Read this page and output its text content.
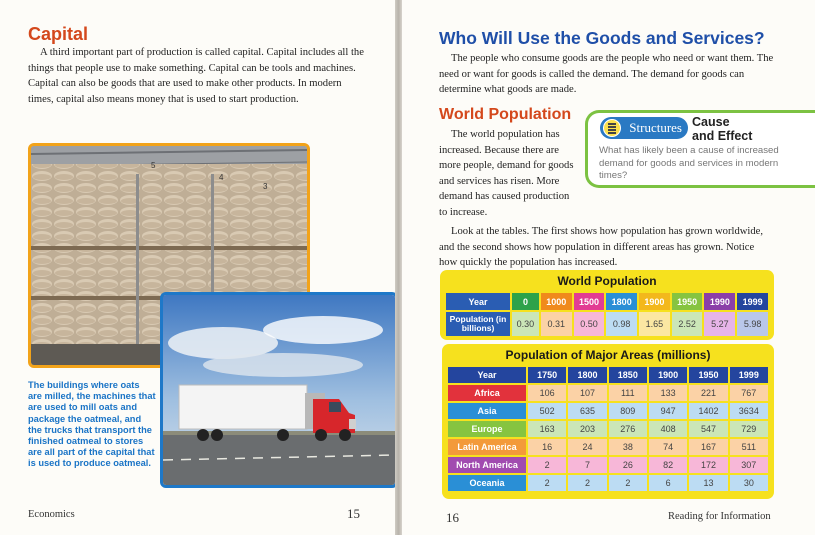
Capital

A third important part of production is called capital. Capital includes all the things that people use to make something. Capital can be tools and machines. Capital can also be goods that are used to make other products. In modern times, capital also means money that is used to start production.

5
4
3

The buildings where oats are milled, the machines that are used to mill oats and package the oatmeal, and the trucks that transport the finished oatmeal to stores are all part of the capital that is used to produce oatmeal.

Economics	15
Who Will Use the Goods and Services?

The people who consume goods are the people who need or want them. The need or want for goods is called the demand. The demand for goods can determine what goods are made.

World Population

The world population has increased. Because there are more people, demand for goods and services has risen. More demand has caused production to increase.

Look at the tables. The first shows how population has grown worldwide, and the second shows how population in different areas has grown. Notice how quickly the population has increased.

16	Reading for Information
Structures Cause
and Effect

What has likely been a cause of increased demand for goods and services in modern times?

World Population
Year	0	1000	1500	1800	1900	1950	1990	1999
Population (in billions)	0.30	0.31	0.50	0.98	1.65	2.52	5.27	5.98
Population of Major Areas (millions)
Year	1750	1800	1850	1900	1950	1999
Africa	106	107	111	133	221	767
Asia	502	635	809	947	1402	3634
Europe	163	203	276	408	547	729
Latin America	16	24	38	74	167	511
North America	2	7	26	82	172	307
Oceania	2	2	2	6	13	30
